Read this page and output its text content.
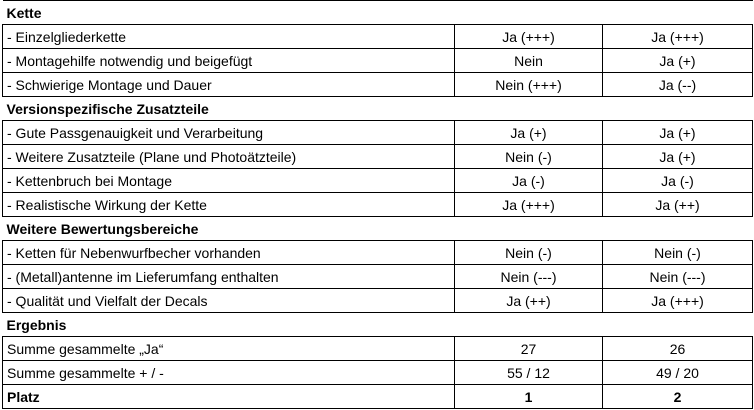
Kette		
- Einzelgliederkette	Ja (+++)	Ja (+++)
- Montagehilfe notwendig und beigefügt	Nein	Ja (+)
- Schwierige Montage und Dauer	Nein (+++)	Ja (--)
Versionspezifische Zusatzteile		
- Gute Passgenauigkeit und Verarbeitung	Ja (+)	Ja (+)
- Weitere Zusatzteile (Plane und Photoätzteile)	Nein (-)	Ja (+)
- Kettenbruch bei Montage	Ja (-)	Ja (-)
- Realistische Wirkung der Kette	Ja (+++)	Ja (++)
Weitere Bewertungsbereiche		
- Ketten für Nebenwurfbecher vorhanden	Nein (-)	Nein (-)
- (Metall)antenne im Lieferumfang enthalten	Nein (---)	Nein (---)
- Qualität und Vielfalt der Decals	Ja (++)	Ja (+++)
Ergebnis		
Summe gesammelte „Ja“	27	26
Summe gesammelte + / -	55 / 12	49 / 20
Platz	1	2
